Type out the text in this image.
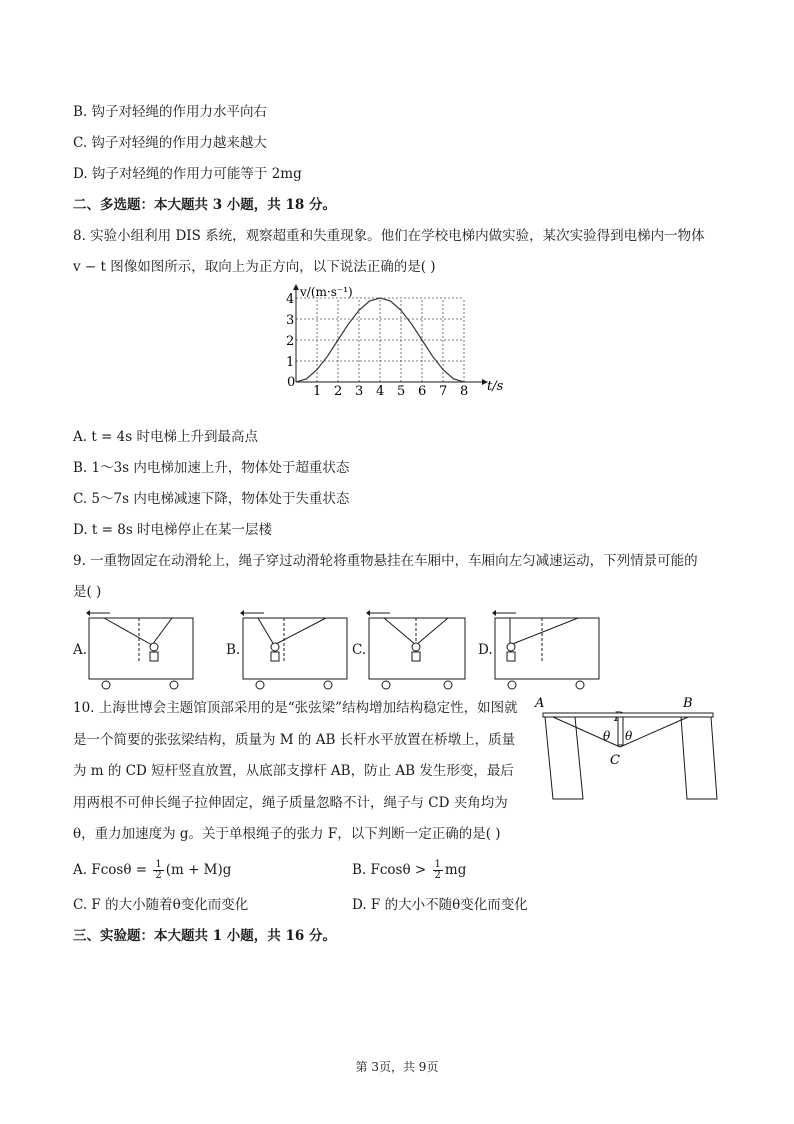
B. 钩子对轻绳的作用力水平向右
C. 钩子对轻绳的作用力越来越大
D. 钩子对轻绳的作用力可能等于 2mg
二、多选题：本大题共 3 小题，共 18 分。
8. 实验小组利用 DIS 系统，观察超重和失重现象。他们在学校电梯内做实验，某次实验得到电梯内一物体
v − t 图像如图所示，取向上为正方向，以下说法正确的是( )
1 2 3 4 5 6 7 8
1
2
3
4
0
v/(m·s⁻¹)
t/s
A. t = 4s 时电梯上升到最高点
B. 1～3s 内电梯加速上升，物体处于超重状态
C. 5～7s 内电梯减速下降，物体处于失重状态
D. t = 8s 时电梯停止在某一层楼
9. 一重物固定在动滑轮上，绳子穿过动滑轮将重物悬挂在车厢中，车厢向左匀减速运动，下列情景可能的
是( )
A.	B.	C.	D.
10. 上海世博会主题馆顶部采用的是“张弦梁”结构增加结构稳定性，如图就是一个简要的张弦梁结构，质量为 M 的 AB 长杆水平放置在桥墩上，质量为 m 的 CD 短杆竖直放置，从底部支撑杆 AB，防止 AB 发生形变，最后用两根不可伸长绳子拉伸固定，绳子质量忽略不计，绳子与 CD 夹角均为θ，重力加速度为 g。关于单根绳子的张力 F，以下判断一定正确的是( )
A	B
C
θ θ
A. $Fcos\theta = \frac{1}{2} (m + M)g$	B. $Fcos\theta > \frac{1}{2}$ mg
C. F 的大小随着θ变化而变化	D. F 的大小不随θ变化而变化
三、实验题：本大题共 1 小题，共 16 分。
第 3页，共 9页
